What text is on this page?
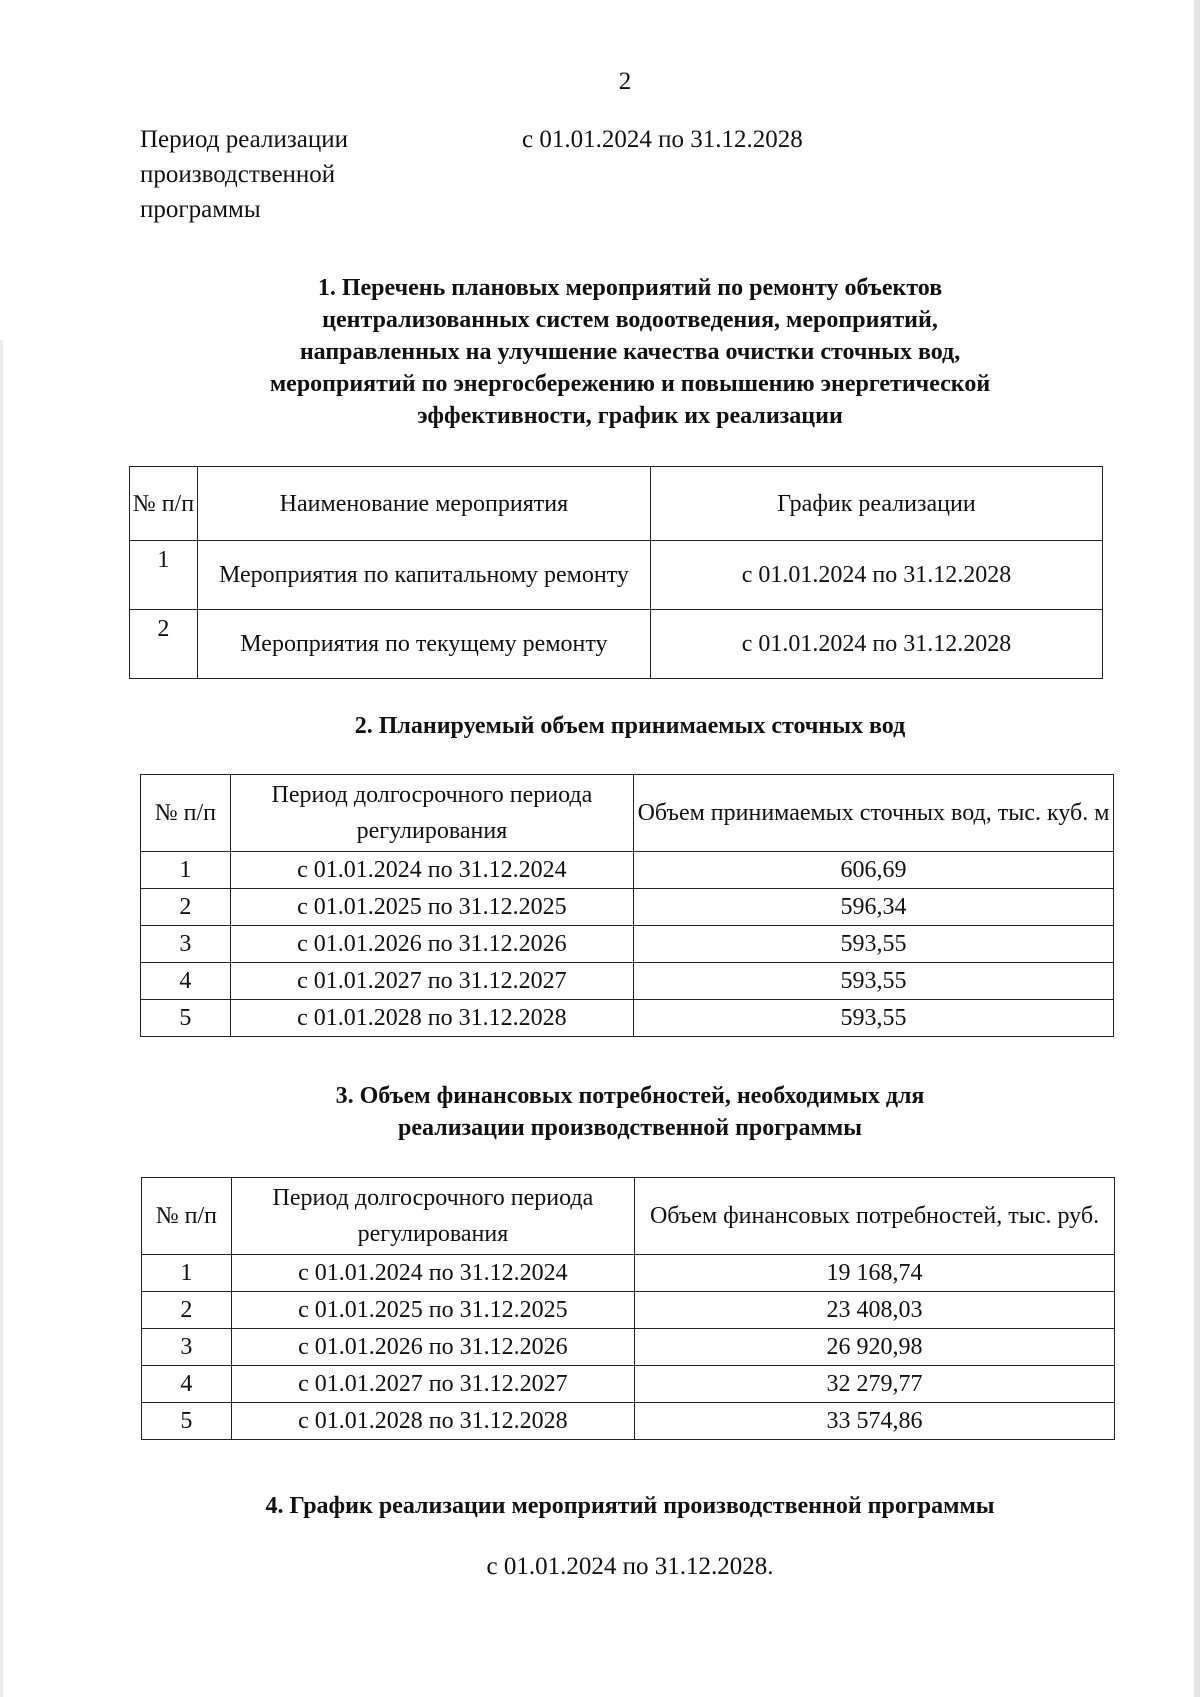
2
Период реализации
производственной
программы
с 01.01.2024 по 31.12.2028
1. Перечень плановых мероприятий по ремонту объектов
централизованных систем водоотведения, мероприятий,
направленных на улучшение качества очистки сточных вод,
мероприятий по энергосбережению и повышению энергетической
эффективности, график их реализации
№ п/п	Наименование мероприятия	График реализации
1	Мероприятия по капитальному ремонту	с 01.01.2024 по 31.12.2028
2	Мероприятия по текущему ремонту	с 01.01.2024 по 31.12.2028
2. Планируемый объем принимаемых сточных вод
№ п/п	Период долгосрочного периода регулирования	Объем принимаемых сточных вод, тыс. куб. м
1	с 01.01.2024 по 31.12.2024	606,69
2	с 01.01.2025 по 31.12.2025	596,34
3	с 01.01.2026 по 31.12.2026	593,55
4	с 01.01.2027 по 31.12.2027	593,55
5	с 01.01.2028 по 31.12.2028	593,55
3. Объем финансовых потребностей, необходимых для
реализации производственной программы
№ п/п	Период долгосрочного периода регулирования	Объем финансовых потребностей, тыс. руб.
1	с 01.01.2024 по 31.12.2024	19 168,74
2	с 01.01.2025 по 31.12.2025	23 408,03
3	с 01.01.2026 по 31.12.2026	26 920,98
4	с 01.01.2027 по 31.12.2027	32 279,77
5	с 01.01.2028 по 31.12.2028	33 574,86
4. График реализации мероприятий производственной программы
с 01.01.2024 по 31.12.2028.
